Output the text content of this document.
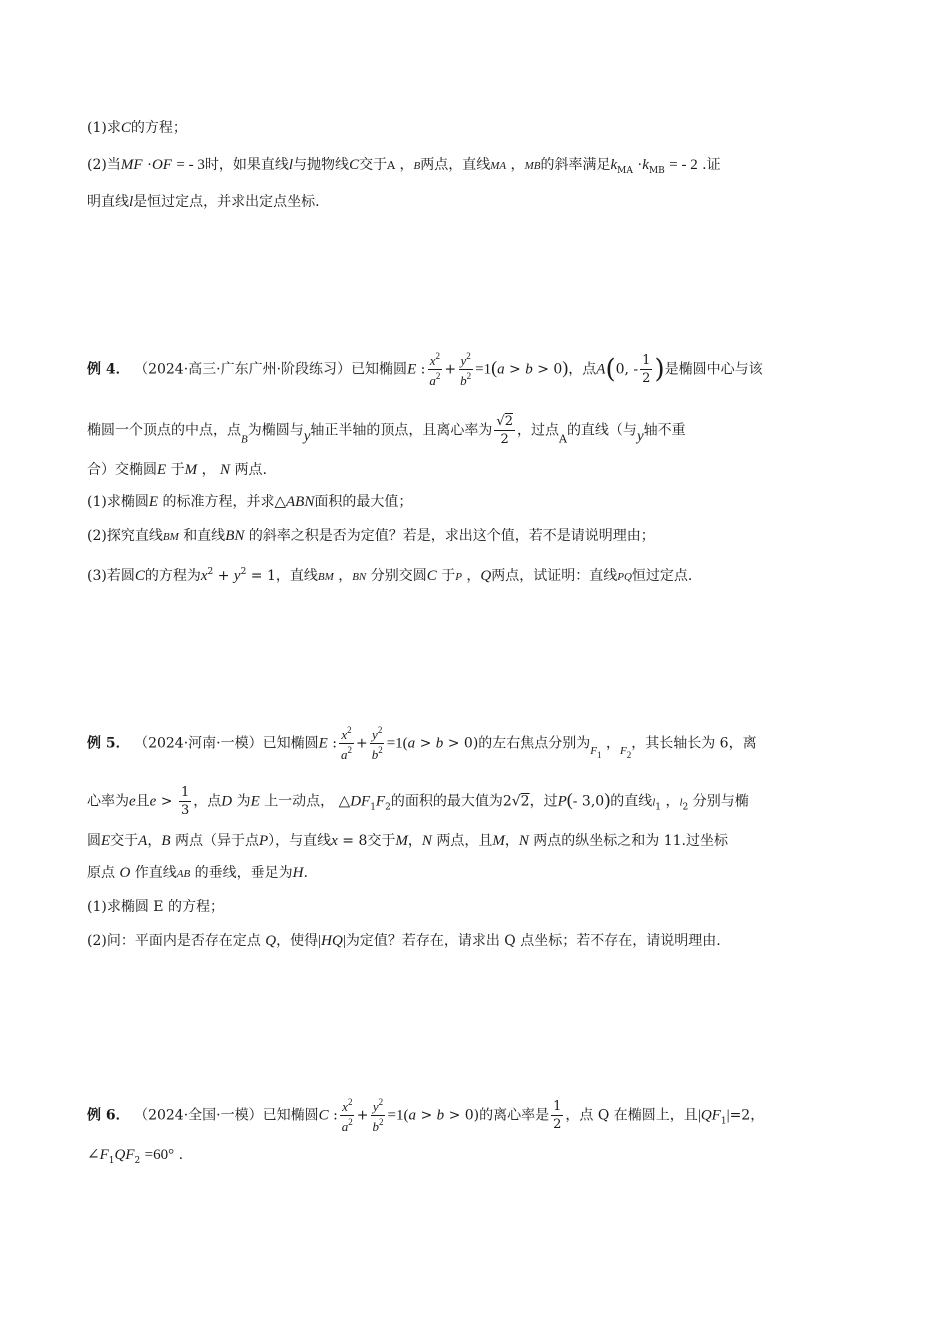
(1)求C的方程；
(2)当MF ·OF = - 3时，如果直线l与抛物线C交于A ，B两点，直线MA ，MB的斜率满足$k_{MA} \cdot k_{MB}$ = - 2 .证
明直线l是恒过定点，并求出定点坐标.
例 4． （2024·高三·广东广州·阶段练习）已知椭圆E : $\frac{x^2}{a^2} + \frac{y^2}{b^2} =1(a > b > 0)$，点A(0, - $\frac{1}{2}$ )是椭圆中心与该
椭圆一个顶点的中点，点$_B$为椭圆与y轴正半轴的顶点，且离心率为 $\frac{√2}{2}$ ，过点$_A$的直线（与y轴不重
合）交椭圆E 于M ， N 两点.
(1)求椭圆E 的标准方程，并求△ABN面积的最大值；
(2)探究直线BM 和直线BN 的斜率之积是否为定值？若是，求出这个值，若不是请说明理由；
(3)若圆C的方程为$x^2 + y^2 = 1$，直线BM ，BN 分别交圆C 于P ，Q两点，试证明：直线PQ恒过定点.
例 5． （2024·河南·一模）已知椭圆E : $\frac{x^2}{a^2} + \frac{y^2}{b^2} =1(a > b > 0)$的左右焦点分别为$_{F_1}$ ，$_{F_2}$，其长轴长为 6，离
心率为e且$e > \frac{1}{3}$ ，点D 为E 上一动点， $\triangle DF_1F_2$的面积的最大值为2√2，过P(- 3,0)的直线$l_1$ ，$l_2$ 分别与椭
圆E交于A，B 两点（异于点P），与直线x = 8交于M，N 两点，且M，N 两点的纵坐标之和为 11.过坐标
原点 O 作直线AB 的垂线，垂足为H.
(1)求椭圆 E 的方程；
(2)问：平面内是否存在定点 Q，使得|HQ|为定值？若存在，请求出 Q 点坐标；若不存在，请说明理由.
例 6． （2024·全国·一模）已知椭圆C : $\frac{x^2}{a^2} + \frac{y^2}{b^2} =1(a > b > 0)$的离心率是 $\frac{1}{2}$ ，点 Q 在椭圆上，且$|QF_1|=2$，
$\angle F_1QF_2 =60^\circ$ .
